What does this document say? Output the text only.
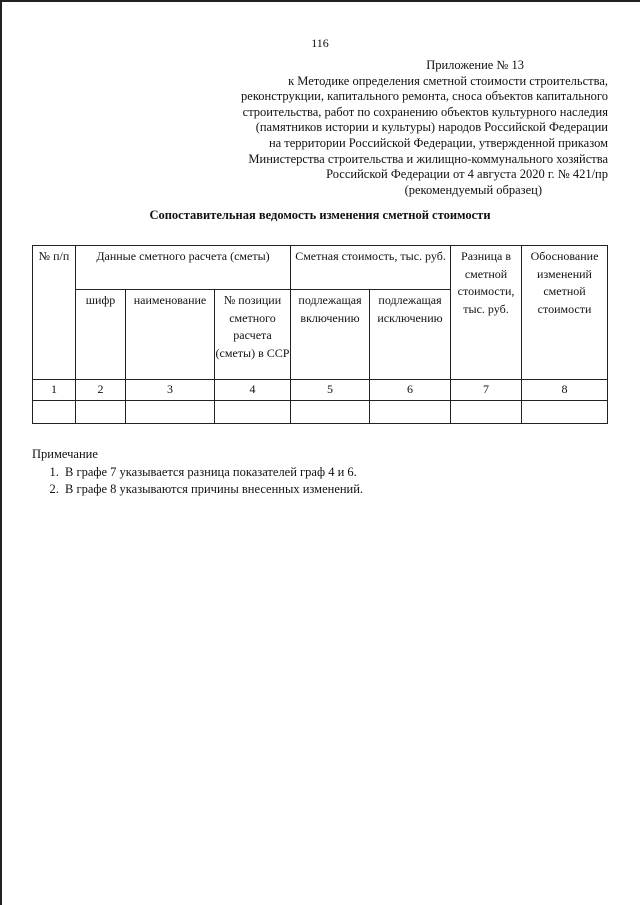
116
Приложение № 13
к Методике определения сметной стоимости строительства,
реконструкции, капитального ремонта, сноса объектов капитального
строительства, работ по сохранению объектов культурного наследия
(памятников истории и культуры) народов Российской Федерации
на территории Российской Федерации, утвержденной приказом
Министерства строительства и жилищно-коммунального хозяйства
Российской Федерации от 4 августа 2020 г. № 421/пр
(рекомендуемый образец)
Сопоставительная ведомость изменения сметной стоимости
№ п/п	Данные сметного расчета (сметы)			Сметная стоимость, тыс. руб.		Разница в сметной стоимости, тыс. руб.	Обоснование изменений сметной стоимости
	шифр	наименование	№ позиции сметного расчета (сметы) в ССР	подлежащая включению	подлежащая исключению		
1	2	3	4	5	6	7	8

Примечание
1. В графе 7 указывается разница показателей граф 4 и 6.
2. В графе 8 указываются причины внесенных изменений.
